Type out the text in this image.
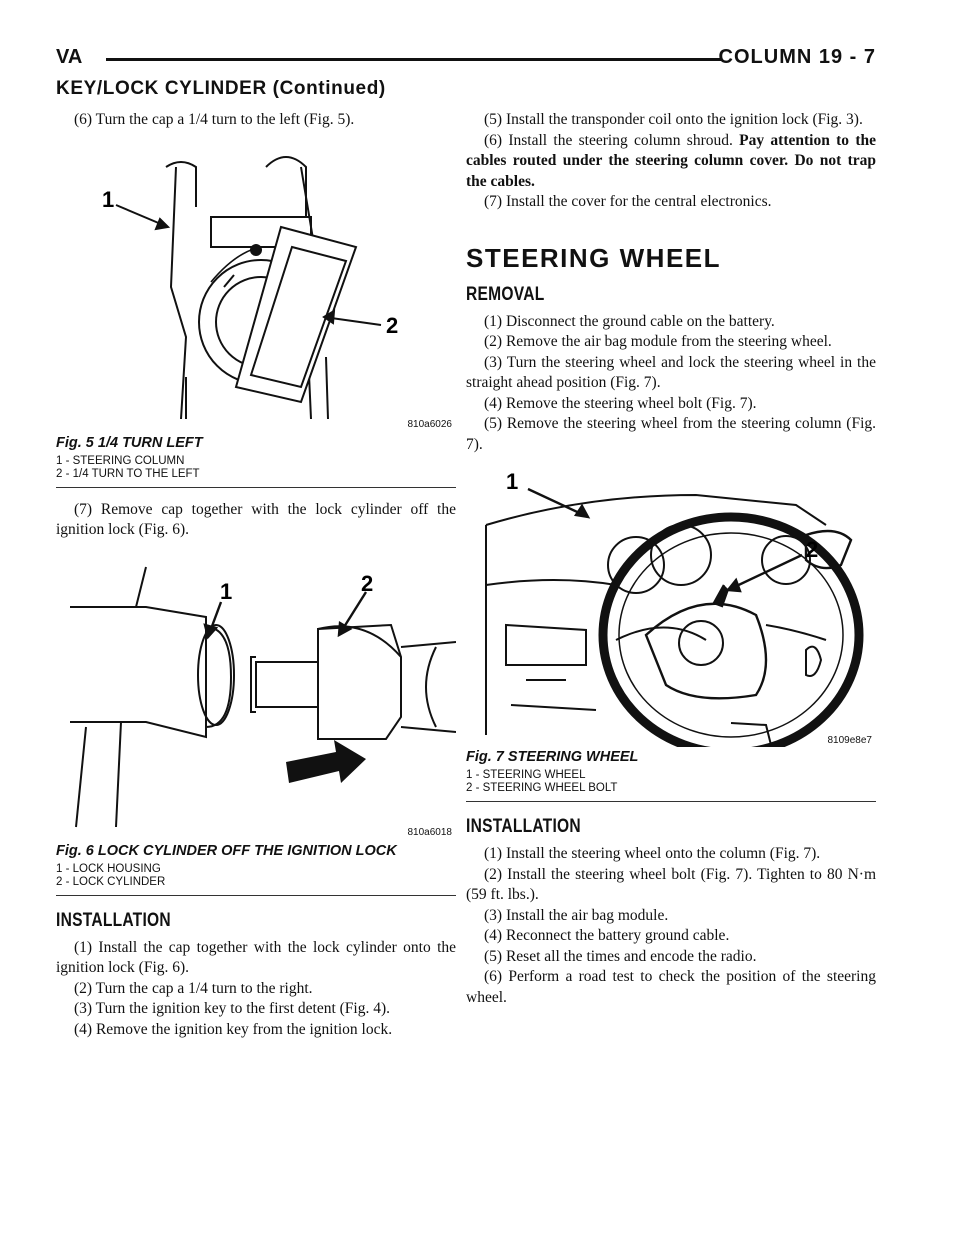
VA	COLUMN 19 - 7
KEY/LOCK CYLINDER (Continued)

(6) Turn the cap a 1/4 turn to the left (Fig. 5).

1
2
810a6026
Fig. 5 1/4 TURN LEFT
1 - STEERING COLUMN
2 - 1/4 TURN TO THE LEFT

(7) Remove cap together with the lock cylinder off the ignition lock (Fig. 6).

1	2
810a6018
Fig. 6 LOCK CYLINDER OFF THE IGNITION LOCK
1 - LOCK HOUSING
2 - LOCK CYLINDER
INSTALLATION

(1) Install the cap together with the lock cylinder onto the ignition lock (Fig. 6).

(2) Turn the cap a 1/4 turn to the right.

(3) Turn the ignition key to the first detent (Fig. 4).

(4) Remove the ignition key from the ignition lock.

(5) Install the transponder coil onto the ignition lock (Fig. 3).

(6) Install the steering column shroud. Pay attention to the cables routed under the steering column cover. Do not trap the cables.

(7) Install the cover for the central electronics.

STEERING WHEEL
REMOVAL

(1) Disconnect the ground cable on the battery.

(2) Remove the air bag module from the steering wheel.

(3) Turn the steering wheel and lock the steering wheel in the straight ahead position (Fig. 7).

(4) Remove the steering wheel bolt (Fig. 7).

(5) Remove the steering wheel from the steering column (Fig. 7).

1
2
8109e8e7
Fig. 7 STEERING WHEEL
1 - STEERING WHEEL
2 - STEERING WHEEL BOLT
INSTALLATION

(1) Install the steering wheel onto the column (Fig. 7).

(2) Install the steering wheel bolt (Fig. 7). Tighten to 80 N·m (59 ft. lbs.).

(3) Install the air bag module.

(4) Reconnect the battery ground cable.

(5) Reset all the times and encode the radio.

(6) Perform a road test to check the position of the steering wheel.
